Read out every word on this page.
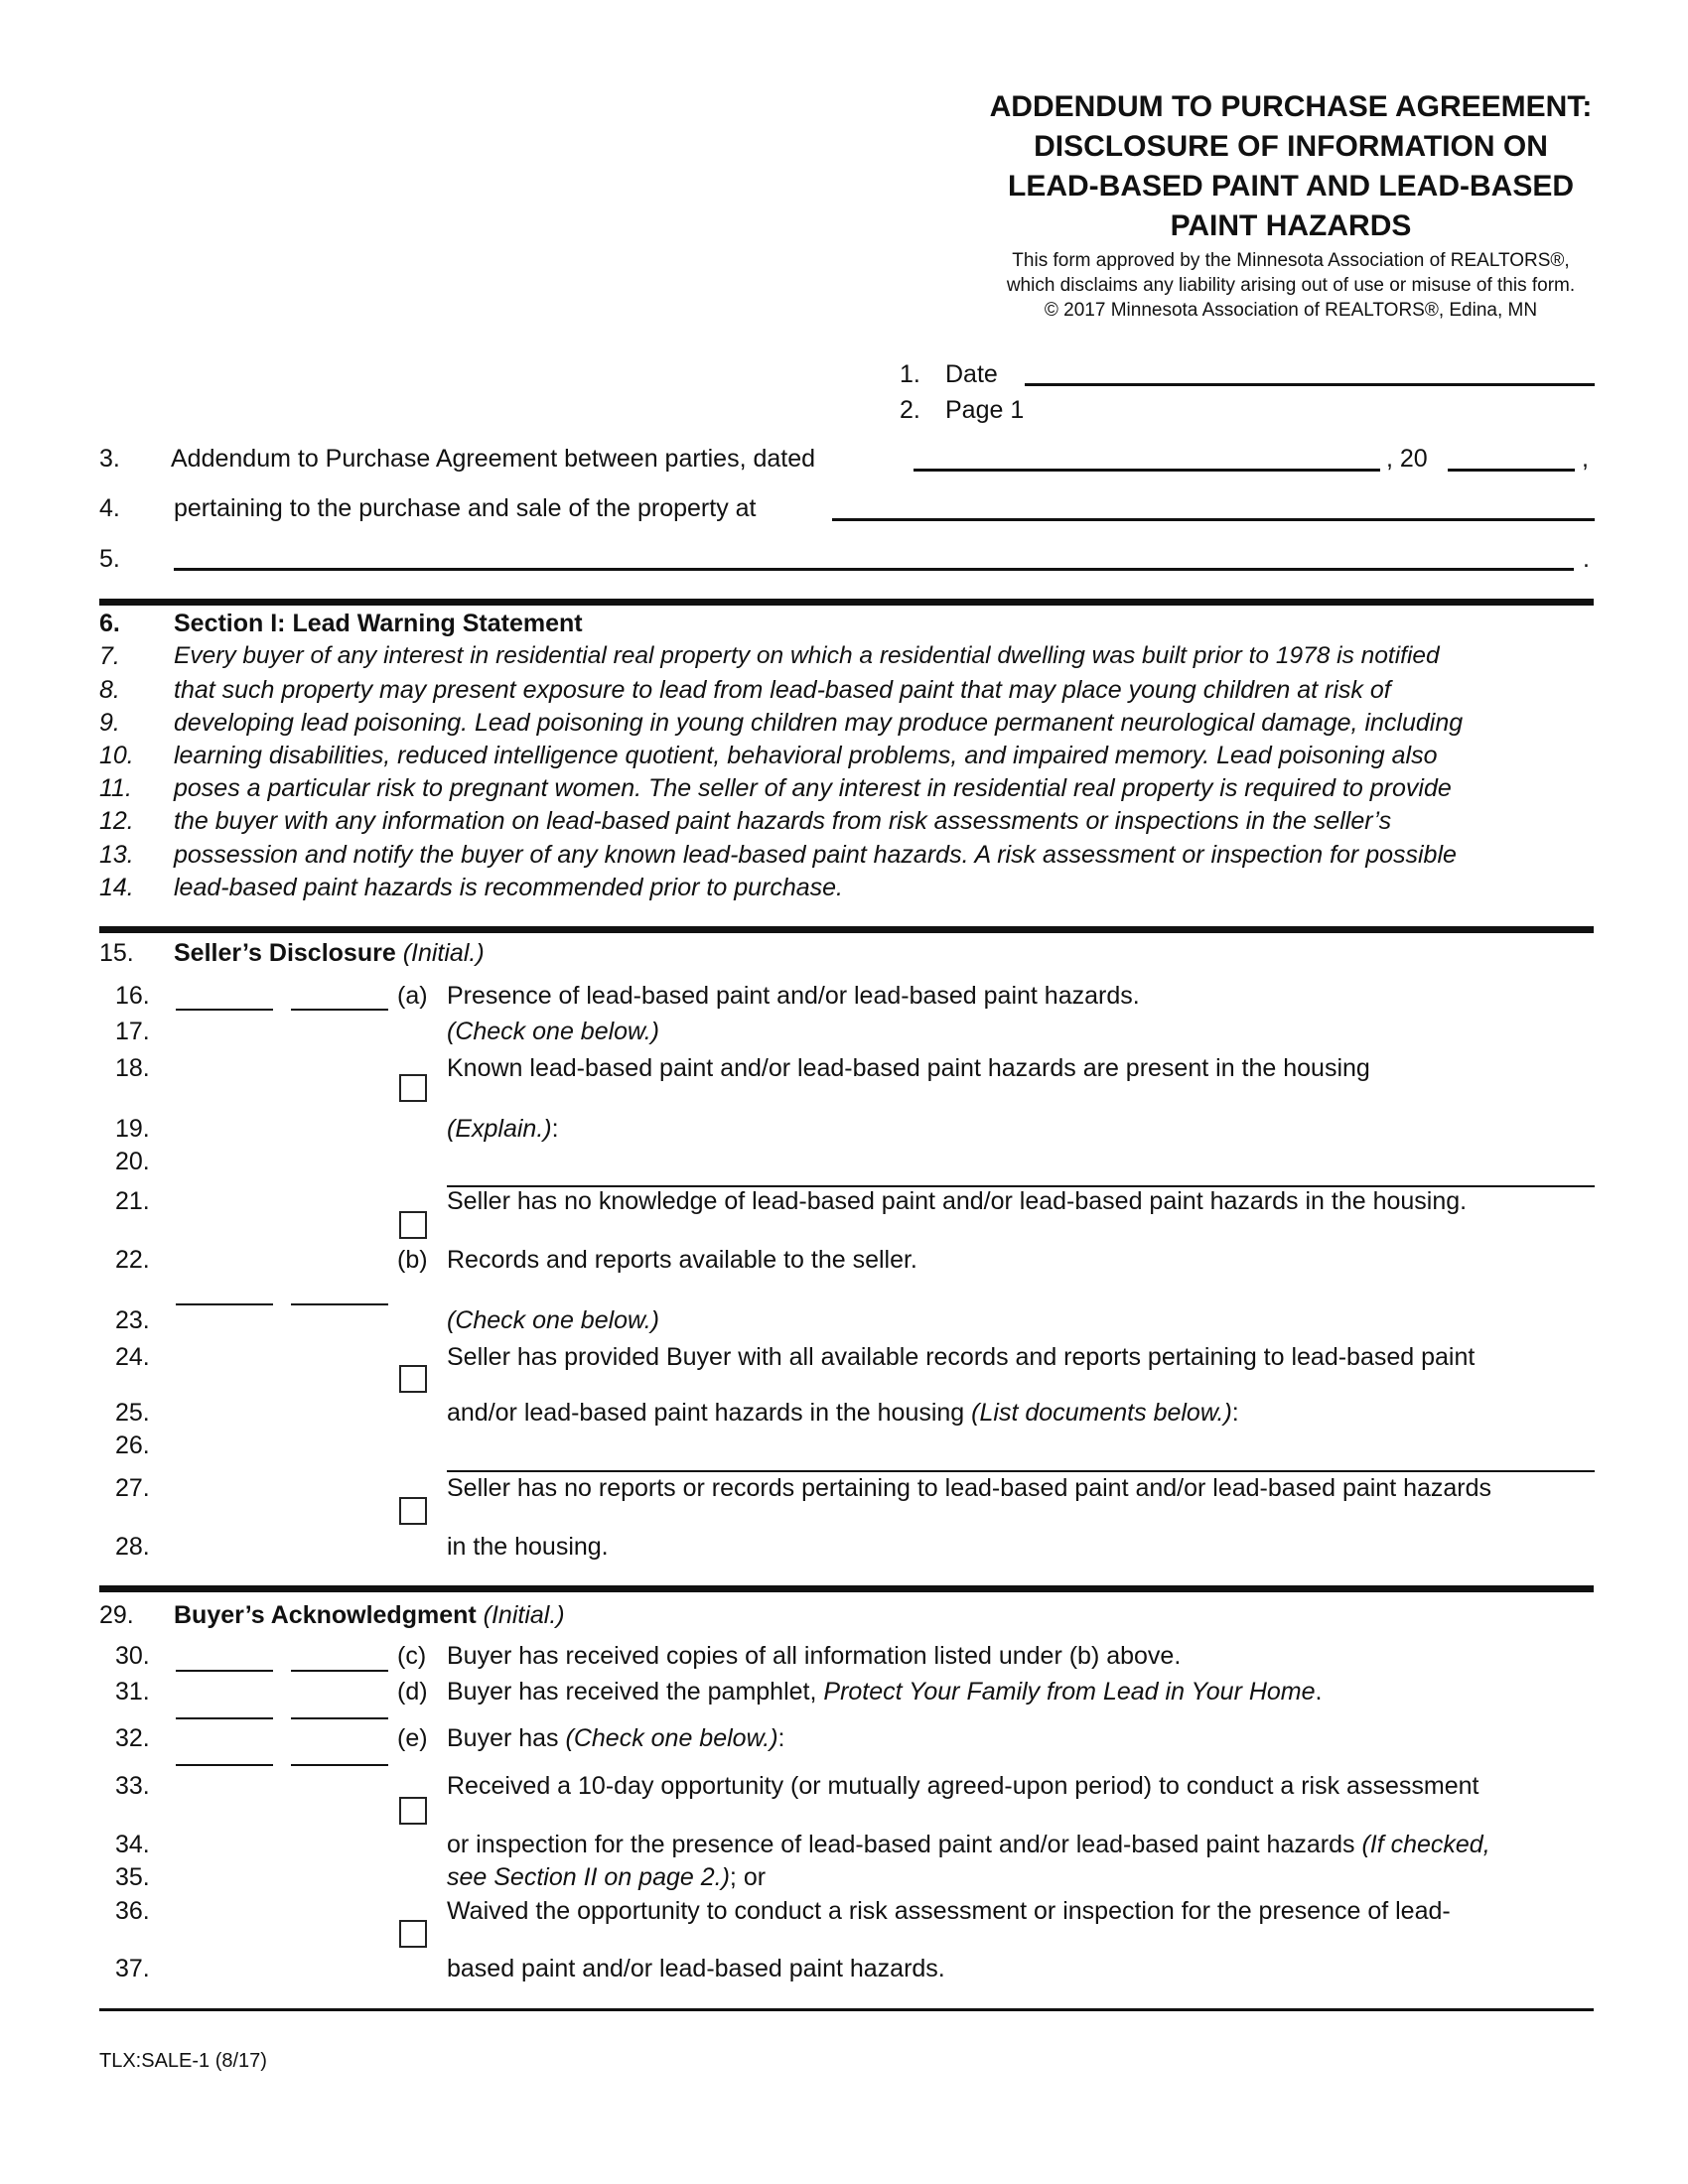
ADDENDUM TO PURCHASE AGREEMENT:
DISCLOSURE OF INFORMATION ON
LEAD-BASED PAINT AND LEAD-BASED
PAINT HAZARDS
This form approved by the Minnesota Association of REALTORS®,
which disclaims any liability arising out of use or misuse of this form.
© 2017 Minnesota Association of REALTORS®, Edina, MN
1. Date
2. Page 1
3. Addendum to Purchase Agreement between parties, dated	, 20	,
4. pertaining to the purchase and sale of the property at
5.	.
6. Section I: Lead Warning Statement
7. Every buyer of any interest in residential real property on which a residential dwelling was built prior to 1978 is notified
8. that such property may present exposure to lead from lead-based paint that may place young children at risk of
9. developing lead poisoning. Lead poisoning in young children may produce permanent neurological damage, including
10. learning disabilities, reduced intelligence quotient, behavioral problems, and impaired memory. Lead poisoning also
11. poses a particular risk to pregnant women. The seller of any interest in residential real property is required to provide
12. the buyer with any information on lead-based paint hazards from risk assessments or inspections in the seller’s
13. possession and notify the buyer of any known lead-based paint hazards. A risk assessment or inspection for possible
14. lead-based paint hazards is recommended prior to purchase.
15. Seller’s Disclosure (Initial.)
16.	(a) Presence of lead-based paint and/or lead-based paint hazards.
17.	(Check one below.)
18.	Known lead-based paint and/or lead-based paint hazards are present in the housing
19.	(Explain.):
20.
21.	Seller has no knowledge of lead-based paint and/or lead-based paint hazards in the housing.
22.	(b) Records and reports available to the seller.
23.	(Check one below.)
24.	Seller has provided Buyer with all available records and reports pertaining to lead-based paint
25.	and/or lead-based paint hazards in the housing (List documents below.):
26.
27.	Seller has no reports or records pertaining to lead-based paint and/or lead-based paint hazards
28.	in the housing.
29. Buyer’s Acknowledgment (Initial.)
30.	(c) Buyer has received copies of all information listed under (b) above.
31.	(d) Buyer has received the pamphlet, Protect Your Family from Lead in Your Home.
32.	(e) Buyer has (Check one below.):
33.	Received a 10-day opportunity (or mutually agreed-upon period) to conduct a risk assessment
34.	or inspection for the presence of lead-based paint and/or lead-based paint hazards (If checked,
35.	see Section II on page 2.); or
36.	Waived the opportunity to conduct a risk assessment or inspection for the presence of lead-
37.	based paint and/or lead-based paint hazards.
TLX:SALE-1 (8/17)
